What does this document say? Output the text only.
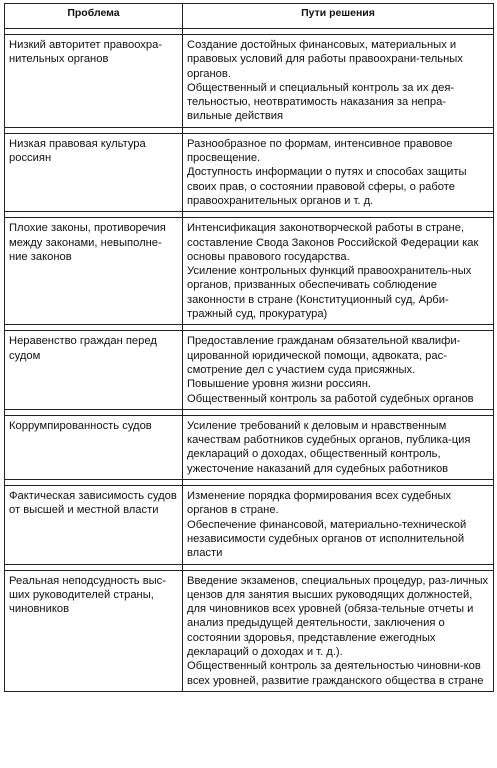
Проблема	Пути решения

Низкий авторитет правоохра-нительных органов	Создание достойных финансовых, материальных и правовых условий для работы правоохрани-тельных органов.
Общественный и специальный контроль за их дея-тельностью, неотвратимость наказания за непра-вильные действия

Низкая правовая культура россиян	Разнообразное по формам, интенсивное правовое просвещение.
Доступность информации о путях и способах защиты своих прав, о состоянии правовой сферы, о работе правоохранительных органов и т. д.

Плохие законы, противоречия между законами, невыполне-ние законов	Интенсификация законотворческой работы в стране, составление Свода Законов Российской Федерации как основы правового государства.
Усиление контрольных функций правоохранитель-ных органов, призванных обеспечивать соблюдение законности в стране (Конституционный суд, Арби-тражный суд, прокуратура)

Неравенство граждан перед судом	Предоставление гражданам обязательной квалифи-цированной юридической помощи, адвоката, рас-смотрение дел с участием суда присяжных.
Повышение уровня жизни россиян.
Общественный контроль за работой судебных органов

Коррумпированность судов	Усиление требований к деловым и нравственным качествам работников судебных органов, публика-ция деклараций о доходах, общественный контроль, ужесточение наказаний для судебных работников

Фактическая зависимость судов от высшей и местной власти	Изменение порядка формирования всех судебных органов в стране.
Обеспечение финансовой, материально-технической независимости судебных органов от исполнительной власти

Реальная неподсудность выс-ших руководителей страны, чиновников	Введение экзаменов, специальных процедур, раз-личных цензов для занятия высших руководящих должностей, для чиновников всех уровней (обяза-тельные отчеты и анализ предыдущей деятельности, заключения о состоянии здоровья, представление ежегодных деклараций о доходах и т. д.).
Общественный контроль за деятельностью чиновни-ков всех уровней, развитие гражданского общества в стране
